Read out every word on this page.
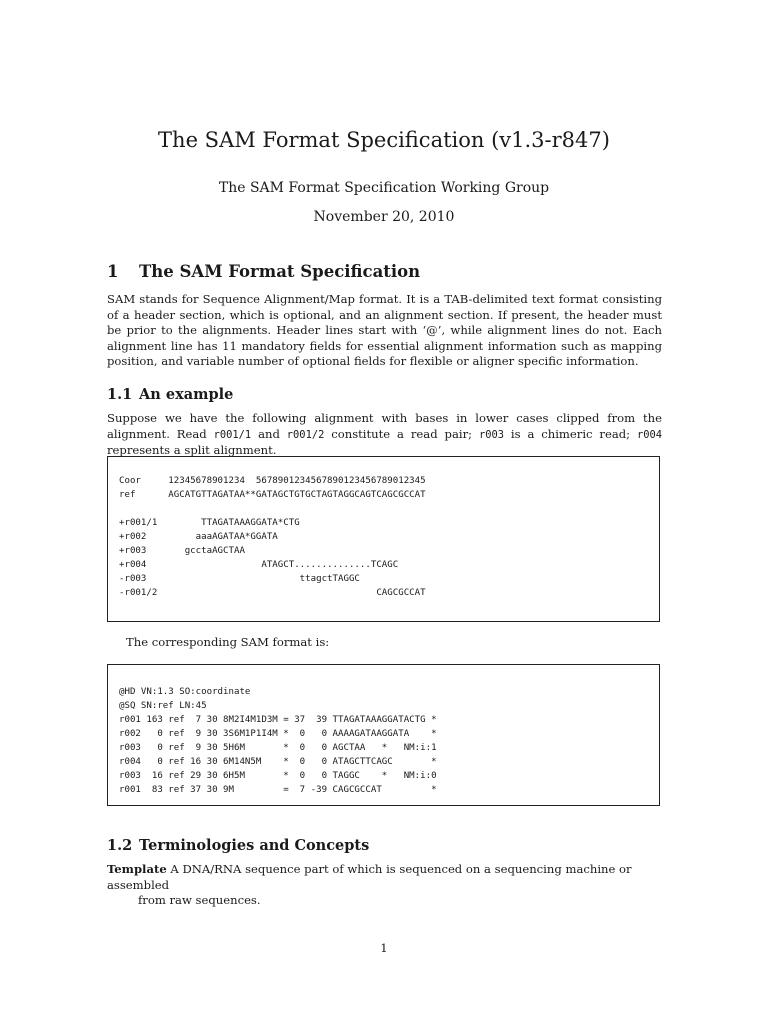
The SAM Format Specification (v1.3-r847)
The SAM Format Specification Working Group
November 20, 2010
1 The SAM Format Specification
SAM stands for Sequence Alignment/Map format. It is a TAB-delimited text format consisting of a header section, which is optional, and an alignment section. If present, the header must be prior to the alignments. Header lines start with ‘@’, while alignment lines do not. Each alignment line has 11 mandatory fields for essential alignment information such as mapping position, and variable number of optional fields for flexible or aligner specific information.
1.1 An example
Suppose we have the following alignment with bases in lower cases clipped from the alignment. Read r001/1 and r001/2 constitute a read pair; r003 is a chimeric read; r004 represents a split alignment.
Coor     12345678901234  5678901234567890123456789012345
ref      AGCATGTTAGATAA**GATAGCTGTGCTAGTAGGCAGTCAGCGCCAT

+r001/1        TTAGATAAAGGATA*CTG
+r002         aaaAGATAA*GGATA
+r003       gcctaAGCTAA
+r004                     ATAGCT..............TCAGC
-r003                            ttagctTAGGC
-r001/2                                        CAGCGCCAT
The corresponding SAM format is:
@HD VN:1.3 SO:coordinate
@SQ SN:ref LN:45
r001 163 ref  7 30 8M2I4M1D3M = 37  39 TTAGATAAAGGATACTG *
r002   0 ref  9 30 3S6M1P1I4M *  0   0 AAAAGATAAGGATA    *
r003   0 ref  9 30 5H6M       *  0   0 AGCTAA   *   NM:i:1
r004   0 ref 16 30 6M14N5M    *  0   0 ATAGCTTCAGC       *
r003  16 ref 29 30 6H5M       *  0   0 TAGGC    *   NM:i:0
r001  83 ref 37 30 9M         =  7 -39 CAGCGCCAT         *
1.2 Terminologies and Concepts
Template A DNA/RNA sequence part of which is sequenced on a sequencing machine or assembled
from raw sequences.
1
